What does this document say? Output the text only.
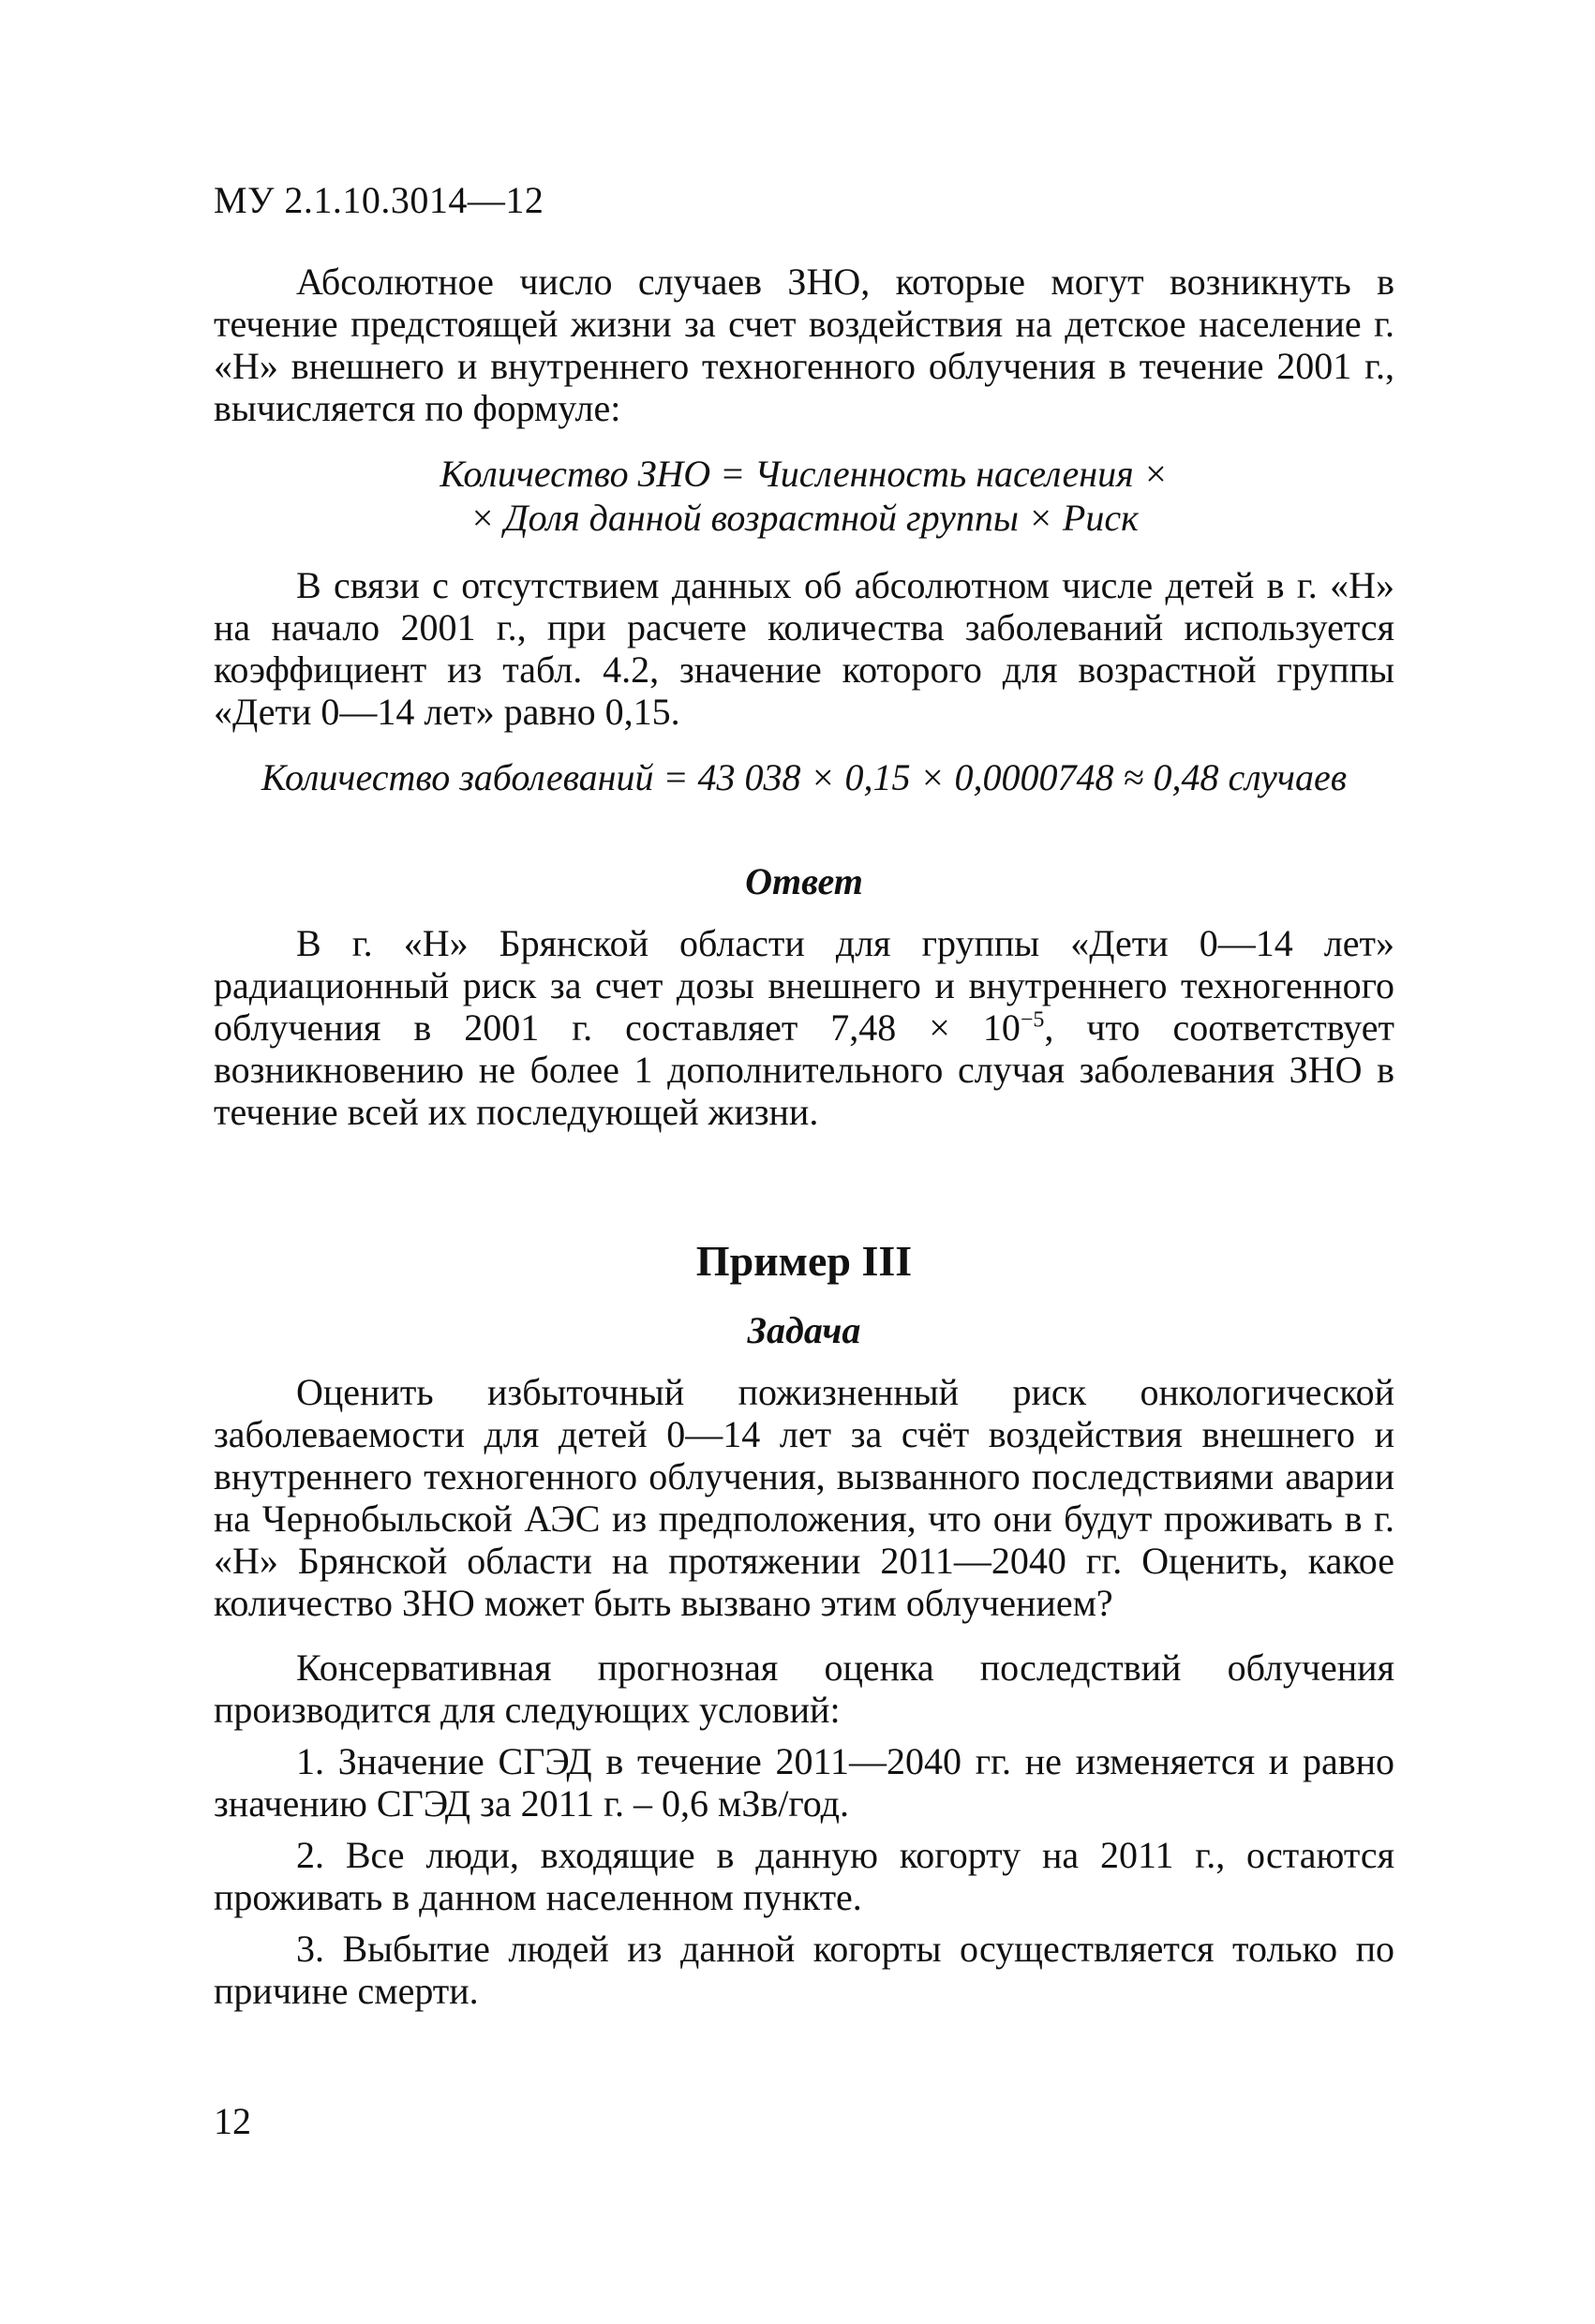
МУ 2.1.10.3014—12

Абсолютное число случаев ЗНО, которые могут возникнуть в течение предстоящей жизни за счет воздействия на детское население г. «Н» внешнего и внутреннего техногенного облучения в течение 2001 г., вычисляется по формуле:

Количество ЗНО = Численность населения ×
× Доля данной возрастной группы × Риск

В связи с отсутствием данных об абсолютном числе детей в г. «Н» на начало 2001 г., при расчете количества заболеваний используется коэффициент из табл. 4.2, значение которого для возрастной группы «Дети 0—14 лет» равно 0,15.

Количество заболеваний = 43 038 × 0,15 × 0,0000748 ≈ 0,48 случаев
Ответ

В г. «Н» Брянской области для группы «Дети 0—14 лет» радиационный риск за счет дозы внешнего и внутреннего техногенного облучения в 2001 г. составляет $7,48 \times 10^{-5}$, что соответствует возникновению не более 1 дополнительного случая заболевания ЗНО в течение всей их последующей жизни.

Пример III
Задача

Оценить избыточный пожизненный риск онкологической заболеваемости для детей 0—14 лет за счёт воздействия внешнего и внутреннего техногенного облучения, вызванного последствиями аварии на Чернобыльской АЭС из предположения, что они будут проживать в г. «Н» Брянской области на протяжении 2011—2040 гг. Оценить, какое количество ЗНО может быть вызвано этим облучением?

Консервативная прогнозная оценка последствий облучения производится для следующих условий:

1. Значение СГЭД в течение 2011—2040 гг. не изменяется и равно значению СГЭД за 2011 г. – 0,6 мЗв/год.

2. Все люди, входящие в данную когорту на 2011 г., остаются проживать в данном населенном пункте.

3. Выбытие людей из данной когорты осуществляется только по причине смерти.

12
